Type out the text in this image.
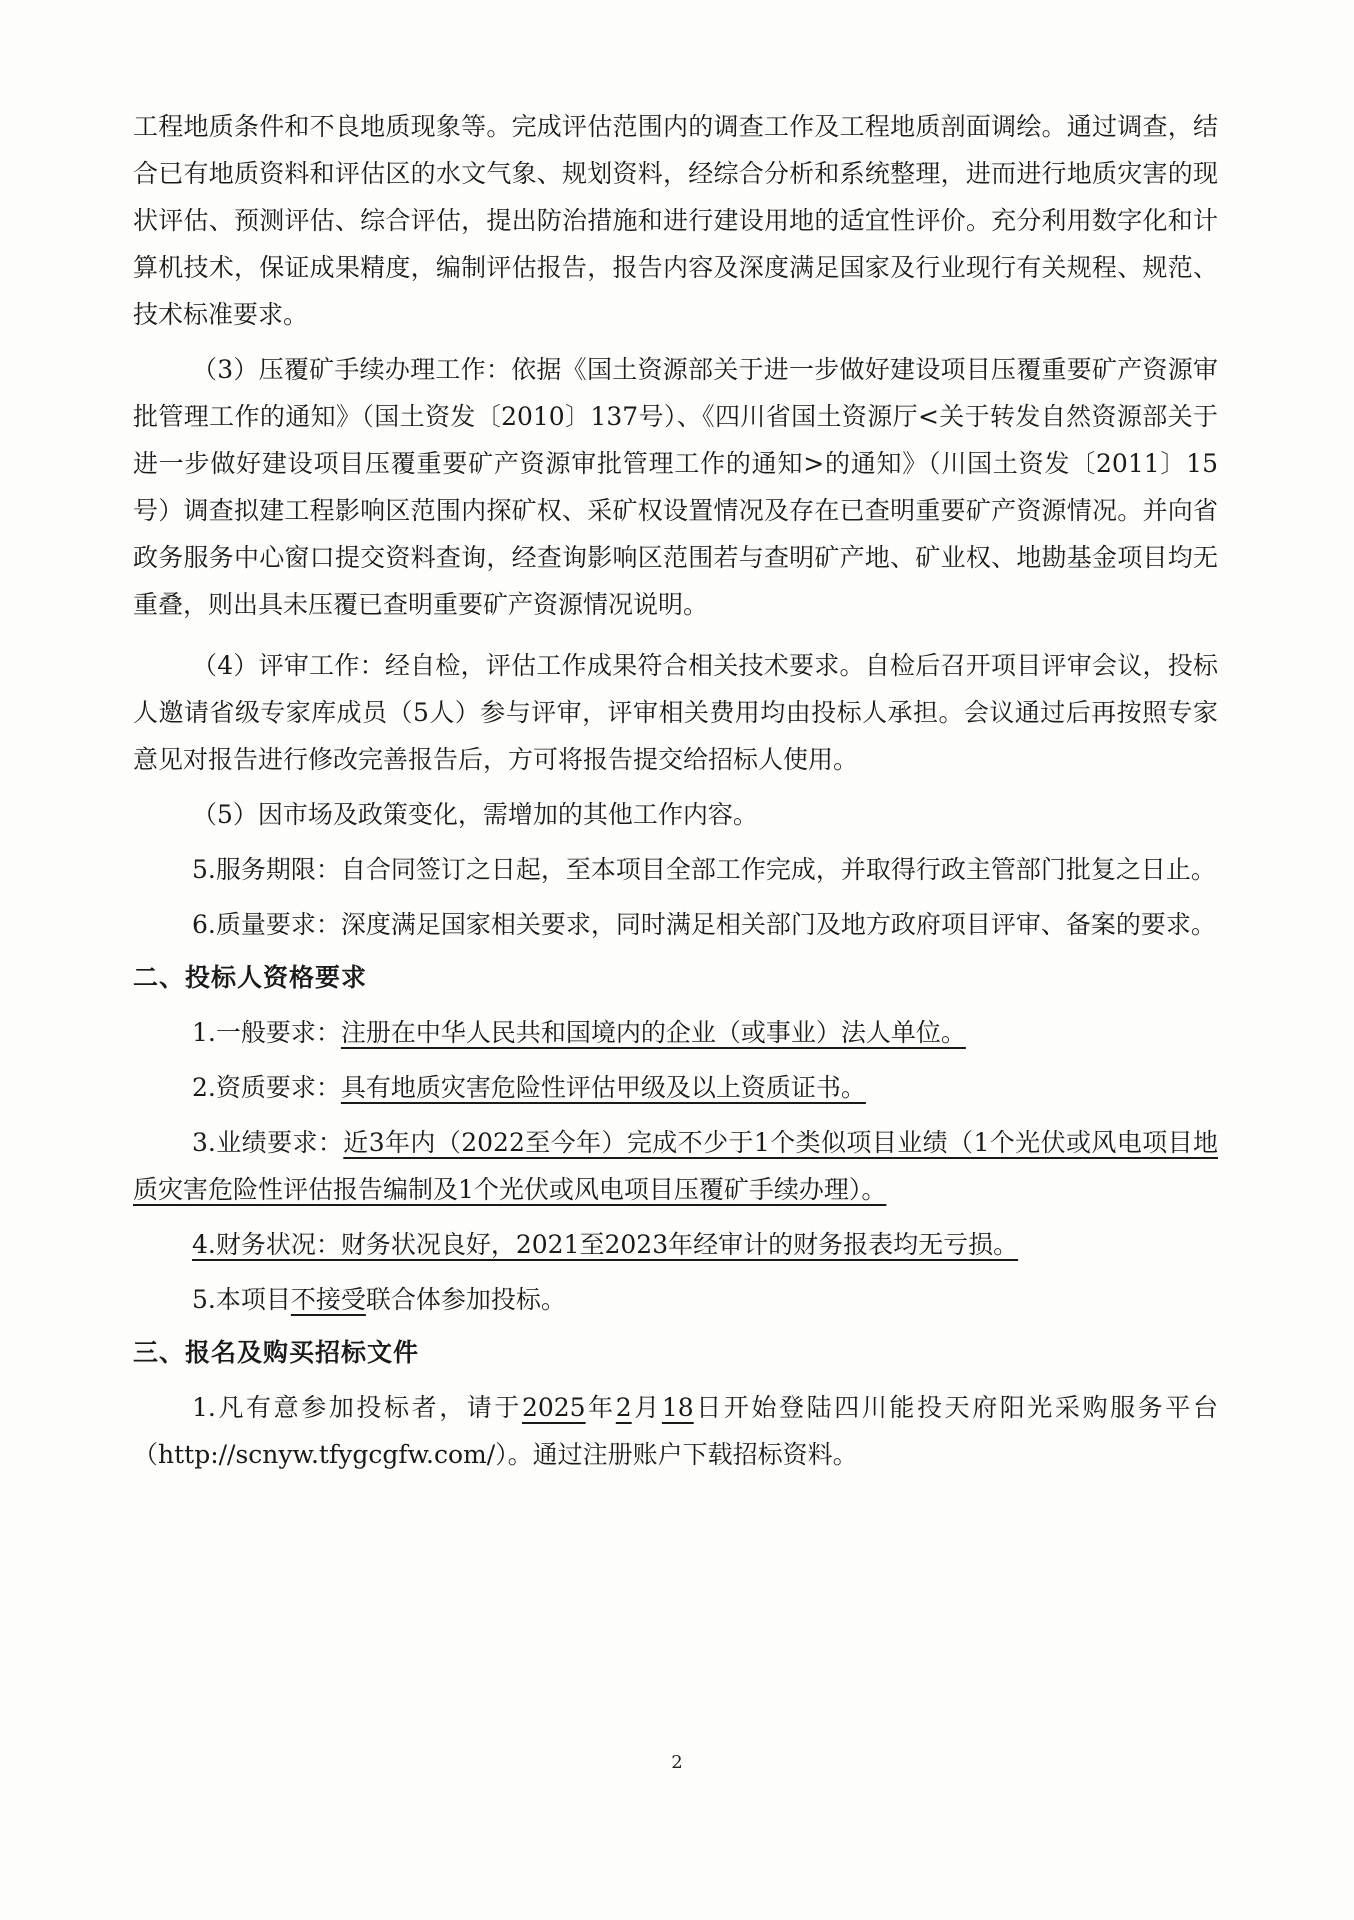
工程地质条件和不良地质现象等。完成评估范围内的调查工作及工程地质剖面调绘。通过调查，结合已有地质资料和评估区的水文气象、规划资料，经综合分析和系统整理，进而进行地质灾害的现状评估、预测评估、综合评估，提出防治措施和进行建设用地的适宜性评价。充分利用数字化和计算机技术，保证成果精度，编制评估报告，报告内容及深度满足国家及行业现行有关规程、规范、技术标准要求。

（3）压覆矿手续办理工作：依据《国土资源部关于进一步做好建设项目压覆重要矿产资源审批管理工作的通知》（国土资发〔2010〕137号）、《四川省国土资源厅<关于转发自然资源部关于进一步做好建设项目压覆重要矿产资源审批管理工作的通知>的通知》（川国土资发〔2011〕15号）调查拟建工程影响区范围内探矿权、采矿权设置情况及存在已查明重要矿产资源情况。并向省政务服务中心窗口提交资料查询，经查询影响区范围若与查明矿产地、矿业权、地勘基金项目均无重叠，则出具未压覆已查明重要矿产资源情况说明。

（4）评审工作：经自检，评估工作成果符合相关技术要求。自检后召开项目评审会议，投标人邀请省级专家库成员（5人）参与评审，评审相关费用均由投标人承担。会议通过后再按照专家意见对报告进行修改完善报告后，方可将报告提交给招标人使用。

（5）因市场及政策变化，需增加的其他工作内容。

5.服务期限：自合同签订之日起，至本项目全部工作完成，并取得行政主管部门批复之日止。

6.质量要求：深度满足国家相关要求，同时满足相关部门及地方政府项目评审、备案的要求。

二、投标人资格要求

1.一般要求：注册在中华人民共和国境内的企业（或事业）法人单位。

2.资质要求：具有地质灾害危险性评估甲级及以上资质证书。

3.业绩要求：近3年内（2022至今年）完成不少于1个类似项目业绩（1个光伏或风电项目地质灾害危险性评估报告编制及1个光伏或风电项目压覆矿手续办理）。

4.财务状况：财务状况良好，2021至2023年经审计的财务报表均无亏损。

5.本项目不接受联合体参加投标。

三、报名及购买招标文件

1.凡有意参加投标者，请于2025年2月18日开始登陆四川能投天府阳光采购服务平台（http://scnyw.tfygcgfw.com/）。通过注册账户下载招标资料。

2
